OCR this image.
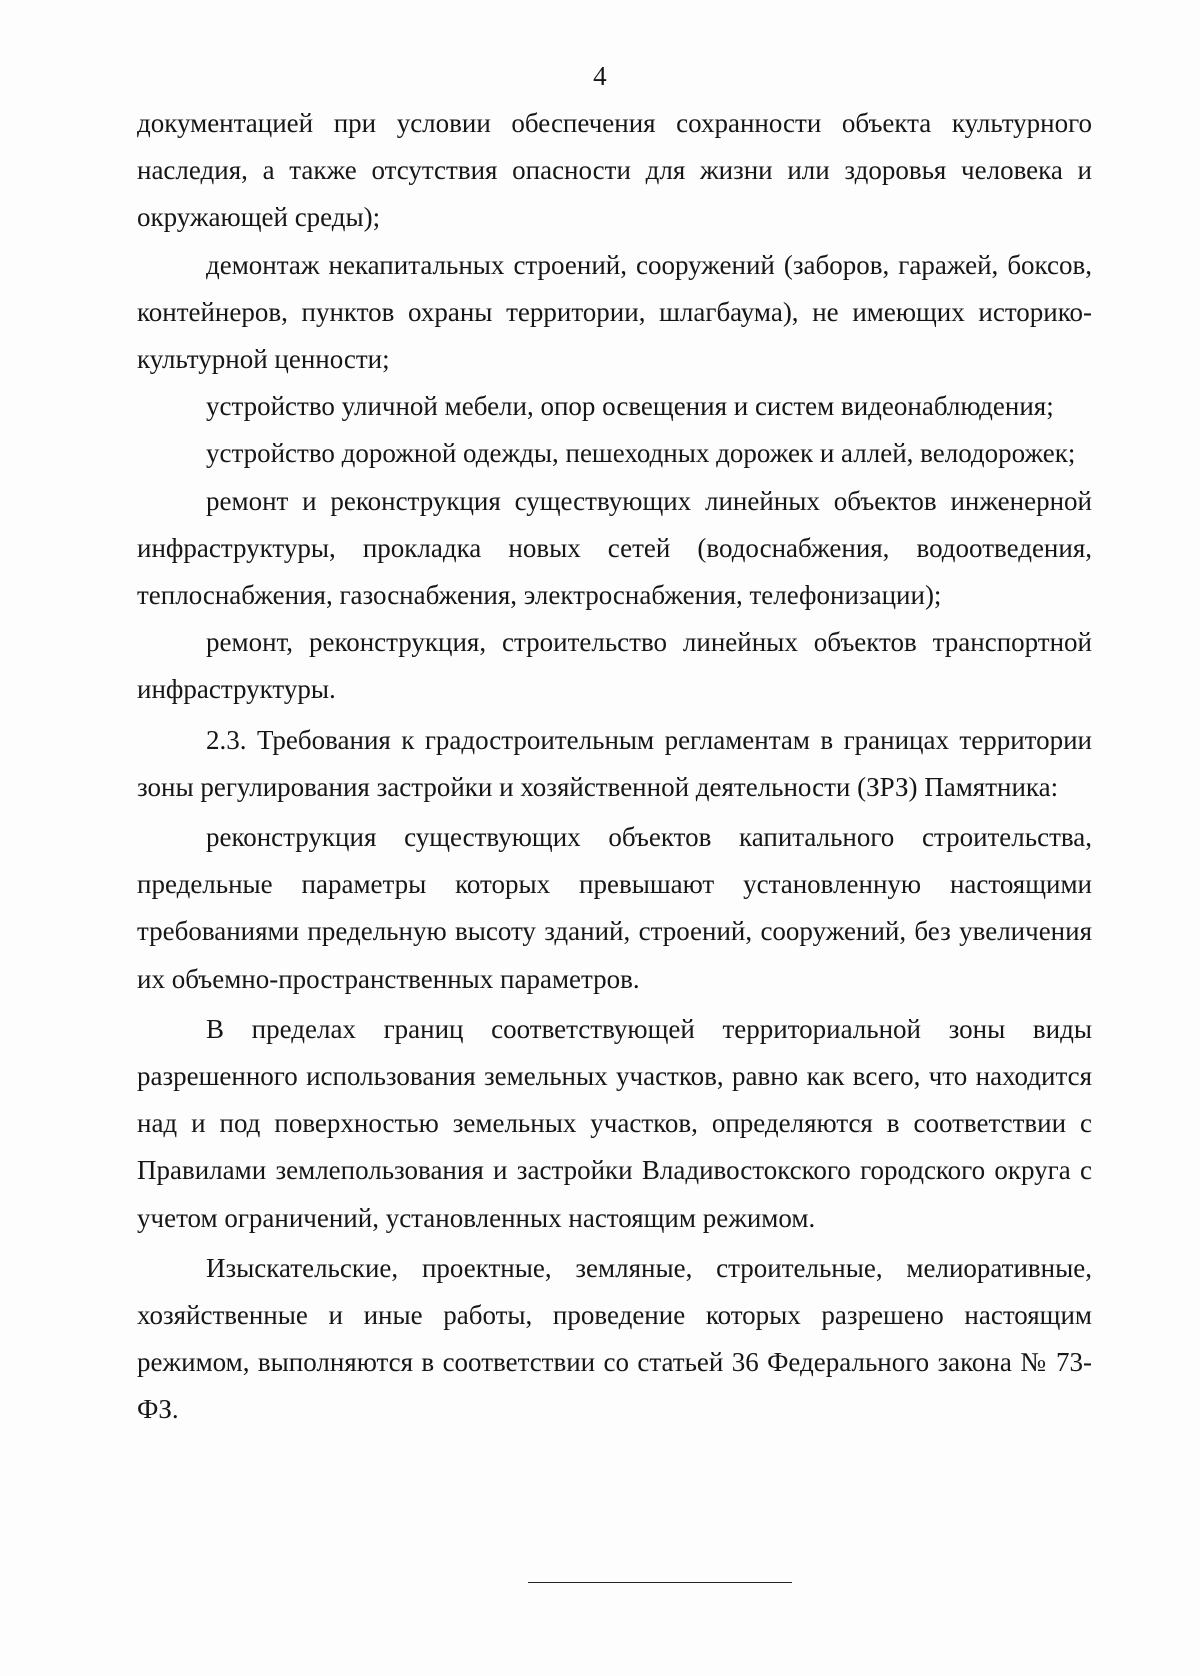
4

документацией при условии обеспечения сохранности объекта культурного наследия, а также отсутствия опасности для жизни или здоровья человека и окружающей среды);

демонтаж некапитальных строений, сооружений (заборов, гаражей, боксов, контейнеров, пунктов охраны территории, шлагбаума), не имеющих историко-культурной ценности;

устройство уличной мебели, опор освещения и систем видеонаблюдения;

устройство дорожной одежды, пешеходных дорожек и аллей, велодорожек;

ремонт и реконструкция существующих линейных объектов инженерной инфраструктуры, прокладка новых сетей (водоснабжения, водоотведения, теплоснабжения, газоснабжения, электроснабжения, телефонизации);

ремонт, реконструкция, строительство линейных объектов транспортной инфраструктуры.

2.3. Требования к градостроительным регламентам в границах территории зоны регулирования застройки и хозяйственной деятельности (ЗРЗ) Памятника:

реконструкция существующих объектов капитального строительства, предельные параметры которых превышают установленную настоящими требованиями предельную высоту зданий, строений, сооружений, без увеличения их объемно-пространственных параметров.

В пределах границ соответствующей территориальной зоны виды разрешенного использования земельных участков, равно как всего, что находится над и под поверхностью земельных участков, определяются в соответствии с Правилами землепользования и застройки Владивостокского городского округа с учетом ограничений, установленных настоящим режимом.

Изыскательские, проектные, земляные, строительные, мелиоративные, хозяйственные и иные работы, проведение которых разрешено настоящим режимом, выполняются в соответствии со статьей 36 Федерального закона № 73-ФЗ.
